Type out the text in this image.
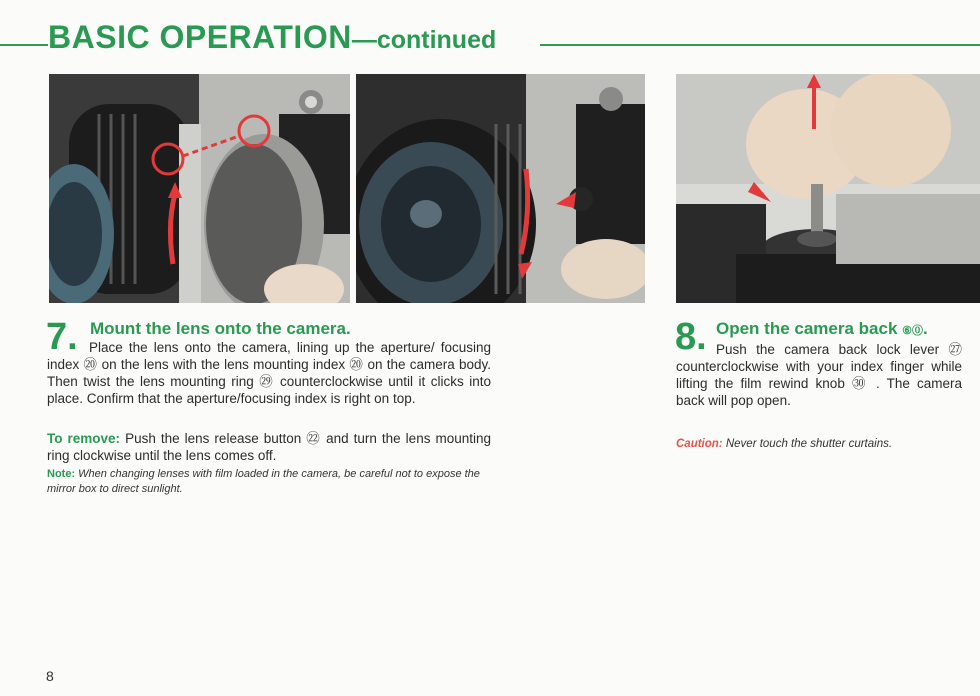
BASIC OPERATION—continued
7. Mount the lens onto the camera.
Place the lens onto the camera, lining up the aperture/ focusing index ⑳ on the lens with the lens mounting index ⑳ on the camera body. Then twist the lens mounting ring ㉙ counterclockwise until it clicks into place. Confirm that the aperture/focusing index is right on top.
To remove: Push the lens release button ㉒ and turn the lens mounting ring clockwise until the lens comes off.
Note: When changing lenses with film loaded in the camera, be careful not to expose the mirror box to direct sunlight.
8. Open the camera back ⑥⓪.
Push the camera back lock lever ㉗ counterclockwise with your index finger while lifting the film rewind knob ㉚ . The camera back will pop open.
Caution: Never touch the shutter curtains.
8
